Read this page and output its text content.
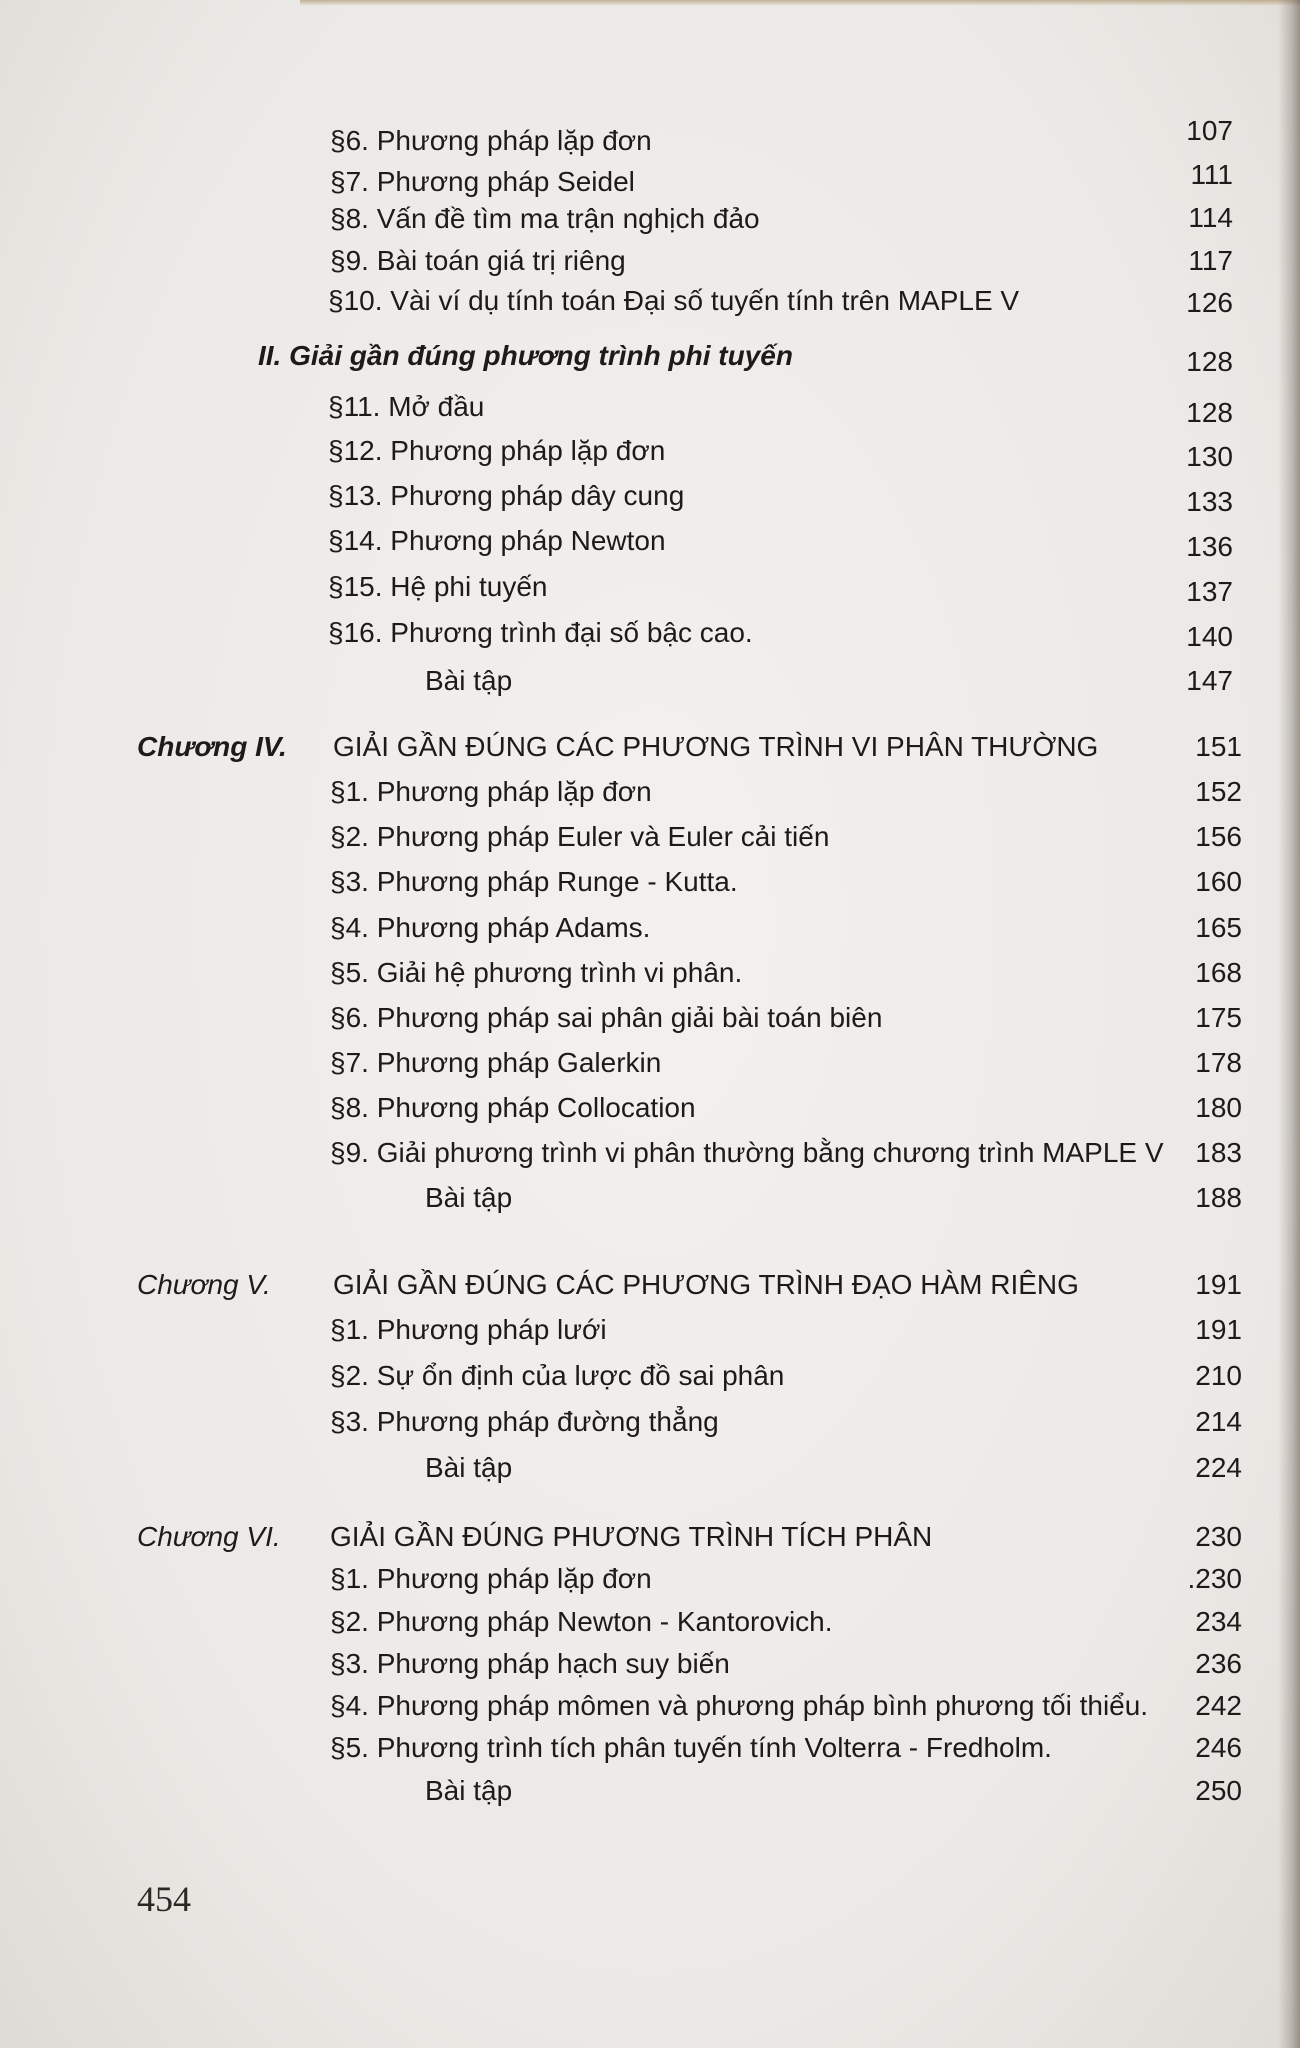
§6. Phương pháp lặp đơn	107
§7. Phương pháp Seidel	111
§8. Vấn đề tìm ma trận nghịch đảo	114
§9. Bài toán giá trị riêng	117
§10. Vài ví dụ tính toán Đại số tuyến tính trên MAPLE V	126
II. Giải gần đúng phương trình phi tuyến	128
§11. Mở đầu	128
§12. Phương pháp lặp đơn	130
§13. Phương pháp dây cung	133
§14. Phương pháp Newton	136
§15. Hệ phi tuyến	137
§16. Phương trình đại số bậc cao.	140
Bài tập	147
Chương IV. GIẢI GẦN ĐÚNG CÁC PHƯƠNG TRÌNH VI PHÂN THƯỜNG	151
§1. Phương pháp lặp đơn	152
§2. Phương pháp Euler và Euler cải tiến	156
§3. Phương pháp Runge - Kutta.	160
§4. Phương pháp Adams.	165
§5. Giải hệ phương trình vi phân.	168
§6. Phương pháp sai phân giải bài toán biên	175
§7. Phương pháp Galerkin	178
§8. Phương pháp Collocation	180
§9. Giải phương trình vi phân thường bằng chương trình MAPLE V 183
Bài tập	188
Chương V. GIẢI GẦN ĐÚNG CÁC PHƯƠNG TRÌNH ĐẠO HÀM RIÊNG	191
§1. Phương pháp lưới	191
§2. Sự ổn định của lược đồ sai phân	210
§3. Phương pháp đường thẳng	214
Bài tập	224
Chương VI. GIẢI GẦN ĐÚNG PHƯƠNG TRÌNH TÍCH PHÂN	230
§1. Phương pháp lặp đơn	.230
§2. Phương pháp Newton - Kantorovich.	234
§3. Phương pháp hạch suy biến	236
§4. Phương pháp mômen và phương pháp bình phương tối thiểu. 242
§5. Phương trình tích phân tuyến tính Volterra - Fredholm.	246
Bài tập	250
454
